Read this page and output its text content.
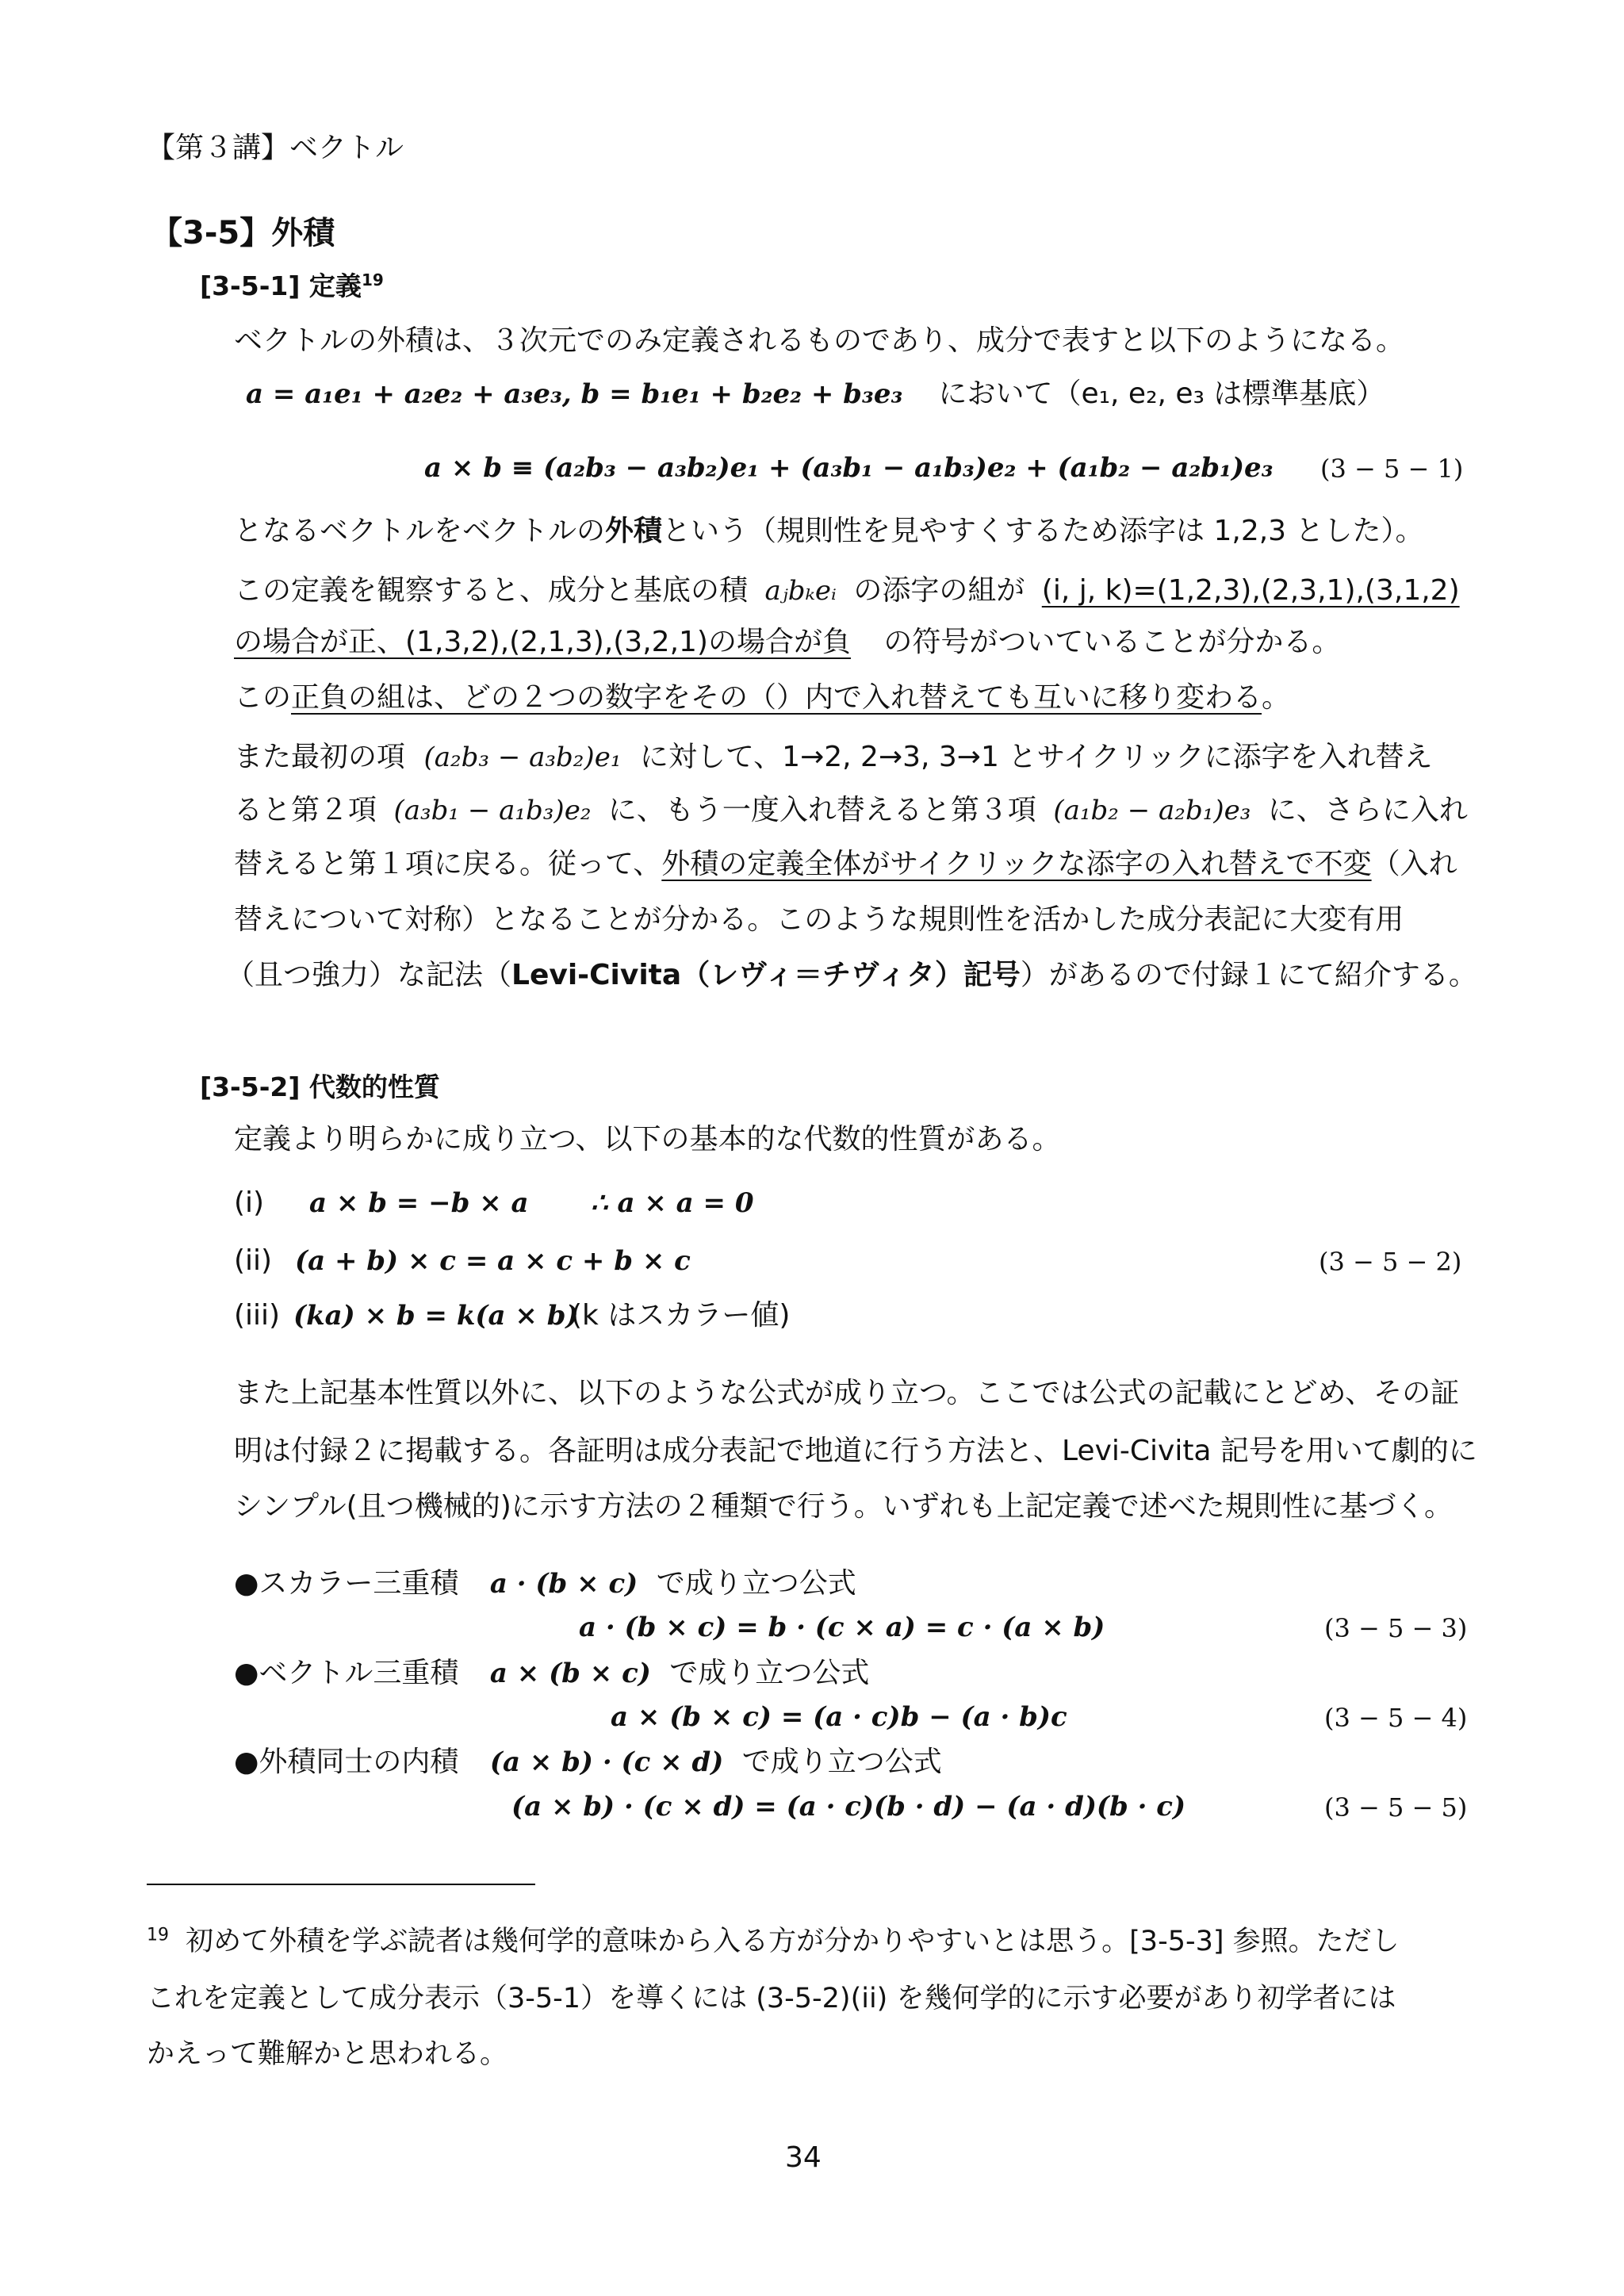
【第３講】ベクトル
【3-5】外積
[3-5-1] 定義$^{19}$
ベクトルの外積は、３次元でのみ定義されるものであり、成分で表すと以下のようになる。
a = a₁e₁ + a₂e₂ + a₃e₃, b = b₁e₁ + b₂e₂ + b₃e₃ において（e₁, e₂, e₃ は標準基底）
a × b ≡ (a₂b₃ − a₃b₂)e₁ + (a₃b₁ − a₁b₃)e₂ + (a₁b₂ − a₂b₁)e₃ (3 − 5 − 1)
となるベクトルをベクトルの外積という（規則性を見やすくするため添字は 1,2,3 とした）。
この定義を観察すると、成分と基底の積 aⱼbₖeᵢ の添字の組が (i, j, k)=(1,2,3),(2,3,1),(3,1,2)
の場合が正、(1,3,2),(2,1,3),(3,2,1)の場合が負 の符号がついていることが分かる。
この正負の組は、どの２つの数字をその（）内で入れ替えても互いに移り変わる。
また最初の項 (a₂b₃ − a₃b₂)e₁ に対して、1→2, 2→3, 3→1 とサイクリックに添字を入れ替え
ると第２項 (a₃b₁ − a₁b₃)e₂ に、もう一度入れ替えると第３項 (a₁b₂ − a₂b₁)e₃ に、さらに入れ
替えると第１項に戻る。従って、外積の定義全体がサイクリックな添字の入れ替えで不変（入れ
替えについて対称）となることが分かる。このような規則性を活かした成分表記に大変有用
（且つ強力）な記法（Levi-Civita（レヴィ＝チヴィタ）記号）があるので付録１にて紹介する。
[3-5-2] 代数的性質
定義より明らかに成り立つ、以下の基本的な代数的性質がある。
(i) a × b = −b × a ∴ a × a = 0
(ii) (a + b) × c = a × c + b × c	(3 − 5 − 2)
(iii) (ka) × b = k(a × b)
(k はスカラー値)
また上記基本性質以外に、以下のような公式が成り立つ。ここでは公式の記載にとどめ、その証
明は付録２に掲載する。各証明は成分表記で地道に行う方法と、Levi-Civita 記号を用いて劇的に
シンプル(且つ機械的)に示す方法の２種類で行う。いずれも上記定義で述べた規則性に基づく。
●スカラー三重積 a · (b × c) で成り立つ公式
a · (b × c) = b · (c × a) = c · (a × b)	(3 − 5 − 3)
●ベクトル三重積 a × (b × c) で成り立つ公式
a × (b × c) = (a · c)b − (a · b)c	(3 − 5 − 4)
●外積同士の内積 (a × b) · (c × d) で成り立つ公式
(a × b) · (c × d) = (a · c)(b · d) − (a · d)(b · c)	(3 − 5 − 5)
$^{19}$ 初めて外積を学ぶ読者は幾何学的意味から入る方が分かりやすいとは思う。[3-5-3] 参照。ただし
これを定義として成分表示（3-5-1）を導くには (3-5-2)(ii) を幾何学的に示す必要があり初学者には
かえって難解かと思われる。
34
